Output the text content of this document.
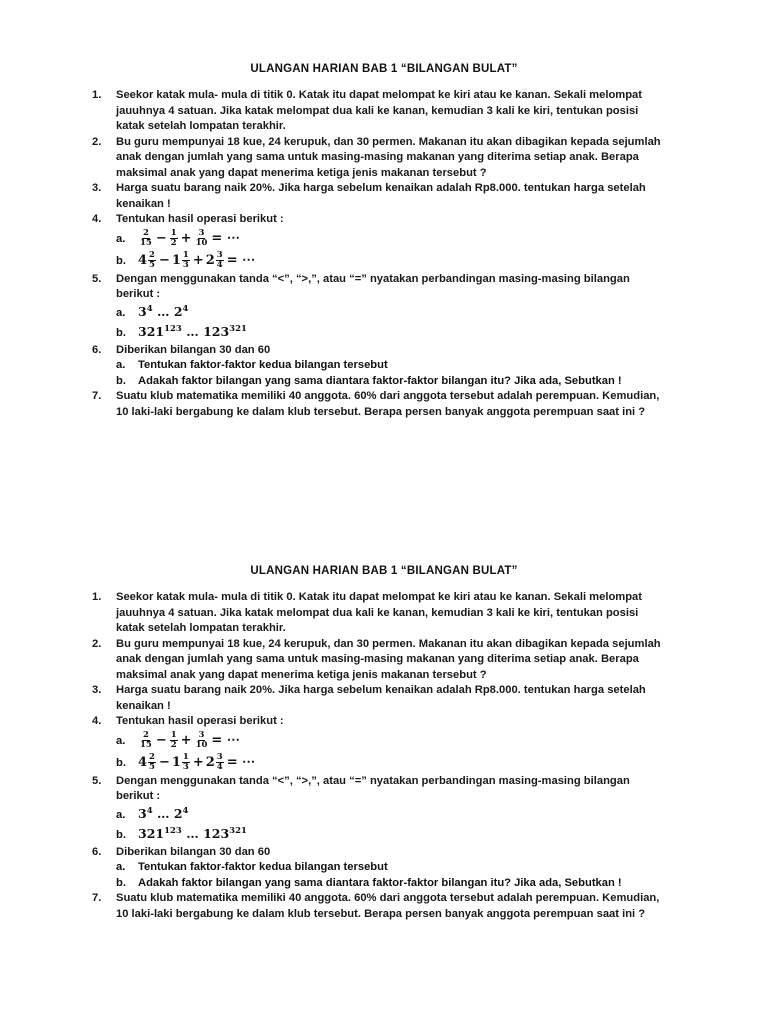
ULANGAN HARIAN BAB 1 “BILANGAN BULAT”
1.	Seekor katak mula- mula di titik 0. Katak itu dapat melompat ke kiri atau ke kanan. Sekali melompat
jauuhnya 4 satuan. Jika katak melompat dua kali ke kanan, kemudian 3 kali ke kiri, tentukan posisi
katak setelah lompatan terakhir.
2.	Bu guru mempunyai 18 kue, 24 kerupuk, dan 30 permen. Makanan itu akan dibagikan kepada sejumlah
anak dengan jumlah yang sama untuk masing-masing makanan yang diterima setiap anak. Berapa
maksimal anak yang dapat menerima ketiga jenis makanan tersebut ?
3.	Harga suatu barang naik 20%. Jika harga sebelum kenaikan adalah Rp8.000. tentukan harga setelah
kenaikan !
4.	Tentukan hasil operasi berikut :
a. $\frac{2}{15} - \frac{1}{2} + \frac{3}{10}$ = ⋯
b. $4 \frac{2}{5} - 1 \frac{1}{3} + 2 \frac{3}{4}$ = ⋯
5.	Dengan menggunakan tanda “<”, “>,”, atau “=” nyatakan perbandingan masing-masing bilangan
berikut :
a. $3^4$ … $2^4$
b. $321^{123}$ … $123^{321}$
6.	Diberikan bilangan 30 dan 60
a. Tentukan faktor-faktor kedua bilangan tersebut
b. Adakah faktor bilangan yang sama diantara faktor-faktor bilangan itu? Jika ada, Sebutkan !
7.	Suatu klub matematika memiliki 40 anggota. 60% dari anggota tersebut adalah perempuan. Kemudian,
10 laki-laki bergabung ke dalam klub tersebut. Berapa persen banyak anggota perempuan saat ini ?
ULANGAN HARIAN BAB 1 “BILANGAN BULAT”
1.	Seekor katak mula- mula di titik 0. Katak itu dapat melompat ke kiri atau ke kanan. Sekali melompat
jauuhnya 4 satuan. Jika katak melompat dua kali ke kanan, kemudian 3 kali ke kiri, tentukan posisi
katak setelah lompatan terakhir.
2.	Bu guru mempunyai 18 kue, 24 kerupuk, dan 30 permen. Makanan itu akan dibagikan kepada sejumlah
anak dengan jumlah yang sama untuk masing-masing makanan yang diterima setiap anak. Berapa
maksimal anak yang dapat menerima ketiga jenis makanan tersebut ?
3.	Harga suatu barang naik 20%. Jika harga sebelum kenaikan adalah Rp8.000. tentukan harga setelah
kenaikan !
4.	Tentukan hasil operasi berikut :
a. $\frac{2}{15} - \frac{1}{2} + \frac{3}{10}$ = ⋯
b. $4 \frac{2}{5} - 1 \frac{1}{3} + 2 \frac{3}{4}$ = ⋯
5.	Dengan menggunakan tanda “<”, “>,”, atau “=” nyatakan perbandingan masing-masing bilangan
berikut :
a. $3^4$ … $2^4$
b. $321^{123}$ … $123^{321}$
6.	Diberikan bilangan 30 dan 60
a. Tentukan faktor-faktor kedua bilangan tersebut
b. Adakah faktor bilangan yang sama diantara faktor-faktor bilangan itu? Jika ada, Sebutkan !
7.	Suatu klub matematika memiliki 40 anggota. 60% dari anggota tersebut adalah perempuan. Kemudian,
10 laki-laki bergabung ke dalam klub tersebut. Berapa persen banyak anggota perempuan saat ini ?
